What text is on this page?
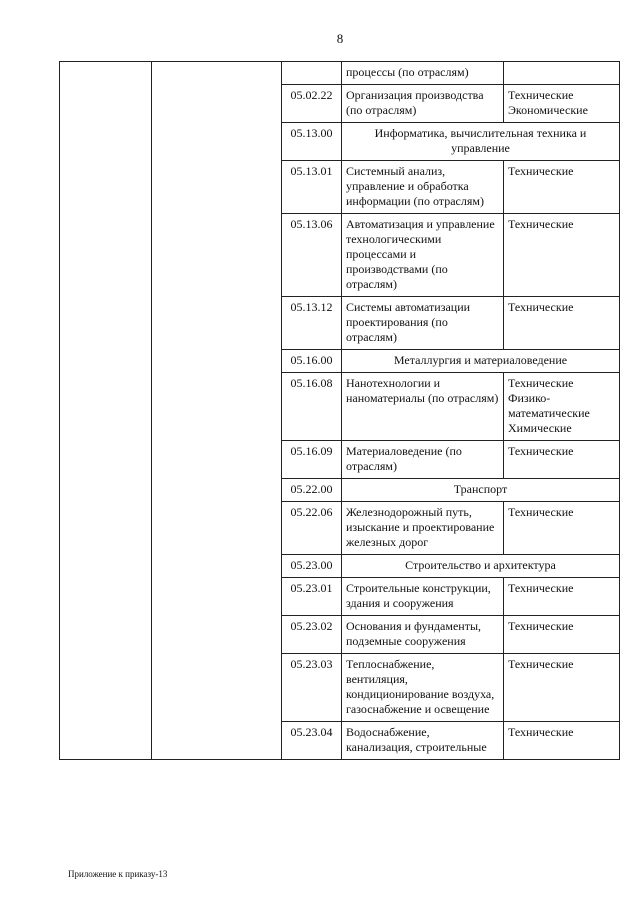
8
			процессы (по отраслям)	
		05.02.22	Организация производства (по отраслям)	Технические
Экономические
		05.13.00	Информатика, вычислительная техника и управление	
		05.13.01	Системный анализ, управление и обработка информации (по отраслям)	Технические
		05.13.06	Автоматизация и управление технологическими процессами и производствами (по отраслям)	Технические
		05.13.12	Системы автоматизации проектирования (по отраслям)	Технические
		05.16.00	Металлургия и материаловедение	
		05.16.08	Нанотехнологии и наноматериалы (по отраслям)	Технические
Физико-математические
Химические
		05.16.09	Материаловедение (по отраслям)	Технические
		05.22.00	Транспорт	
		05.22.06	Железнодорожный путь, изыскание и проектирование железных дорог	Технические
		05.23.00	Строительство и архитектура	
		05.23.01	Строительные конструкции, здания и сооружения	Технические
		05.23.02	Основания и фундаменты, подземные сооружения	Технические
		05.23.03	Теплоснабжение, вентиляция, кондиционирование воздуха, газоснабжение и освещение	Технические
		05.23.04	Водоснабжение, канализация, строительные	Технические
Приложение к приказу-13
